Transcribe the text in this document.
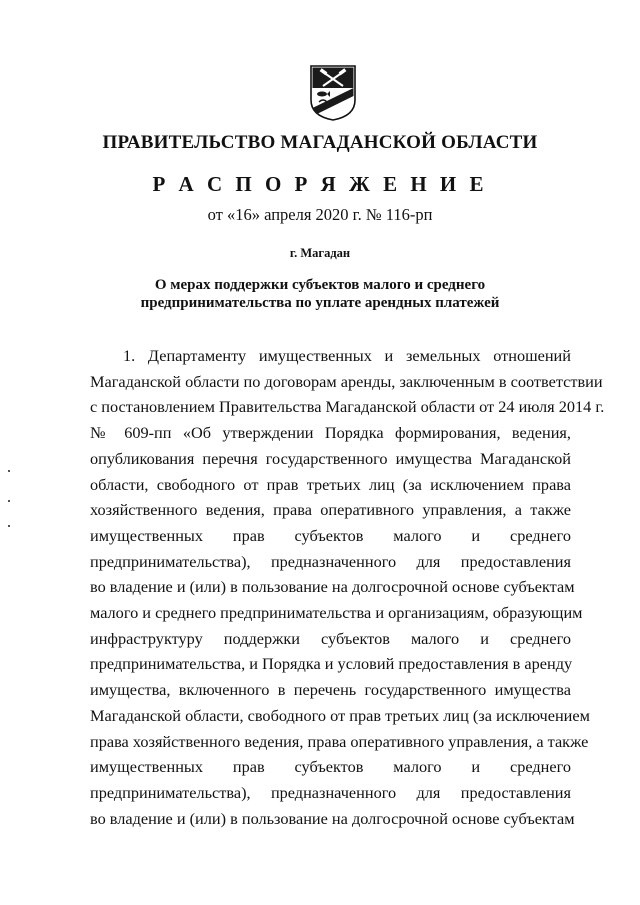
ПРАВИТЕЛЬСТВО МАГАДАНСКОЙ ОБЛАСТИ
Р А С П О Р Я Ж Е Н И Е
от «16» апреля 2020 г. № 116-рп
г. Магадан
О мерах поддержки субъектов малого и среднего
предпринимательства по уплате арендных платежей
1. Департаменту имущественных и земельных отношений
Магаданской области по договорам аренды, заключенным в соответствии
с постановлением Правительства Магаданской области от 24 июля 2014 г.
№ 609-пп «Об утверждении Порядка формирования, ведения,
опубликования перечня государственного имущества Магаданской
области, свободного от прав третьих лиц (за исключением права
хозяйственного ведения, права оперативного управления, а также
имущественных прав субъектов малого и среднего
предпринимательства), предназначенного для предоставления
во владение и (или) в пользование на долгосрочной основе субъектам
малого и среднего предпринимательства и организациям, образующим
инфраструктуру поддержки субъектов малого и среднего
предпринимательства, и Порядка и условий предоставления в аренду
имущества, включенного в перечень государственного имущества
Магаданской области, свободного от прав третьих лиц (за исключением
права хозяйственного ведения, права оперативного управления, а также
имущественных прав субъектов малого и среднего
предпринимательства), предназначенного для предоставления
во владение и (или) в пользование на долгосрочной основе субъектам
